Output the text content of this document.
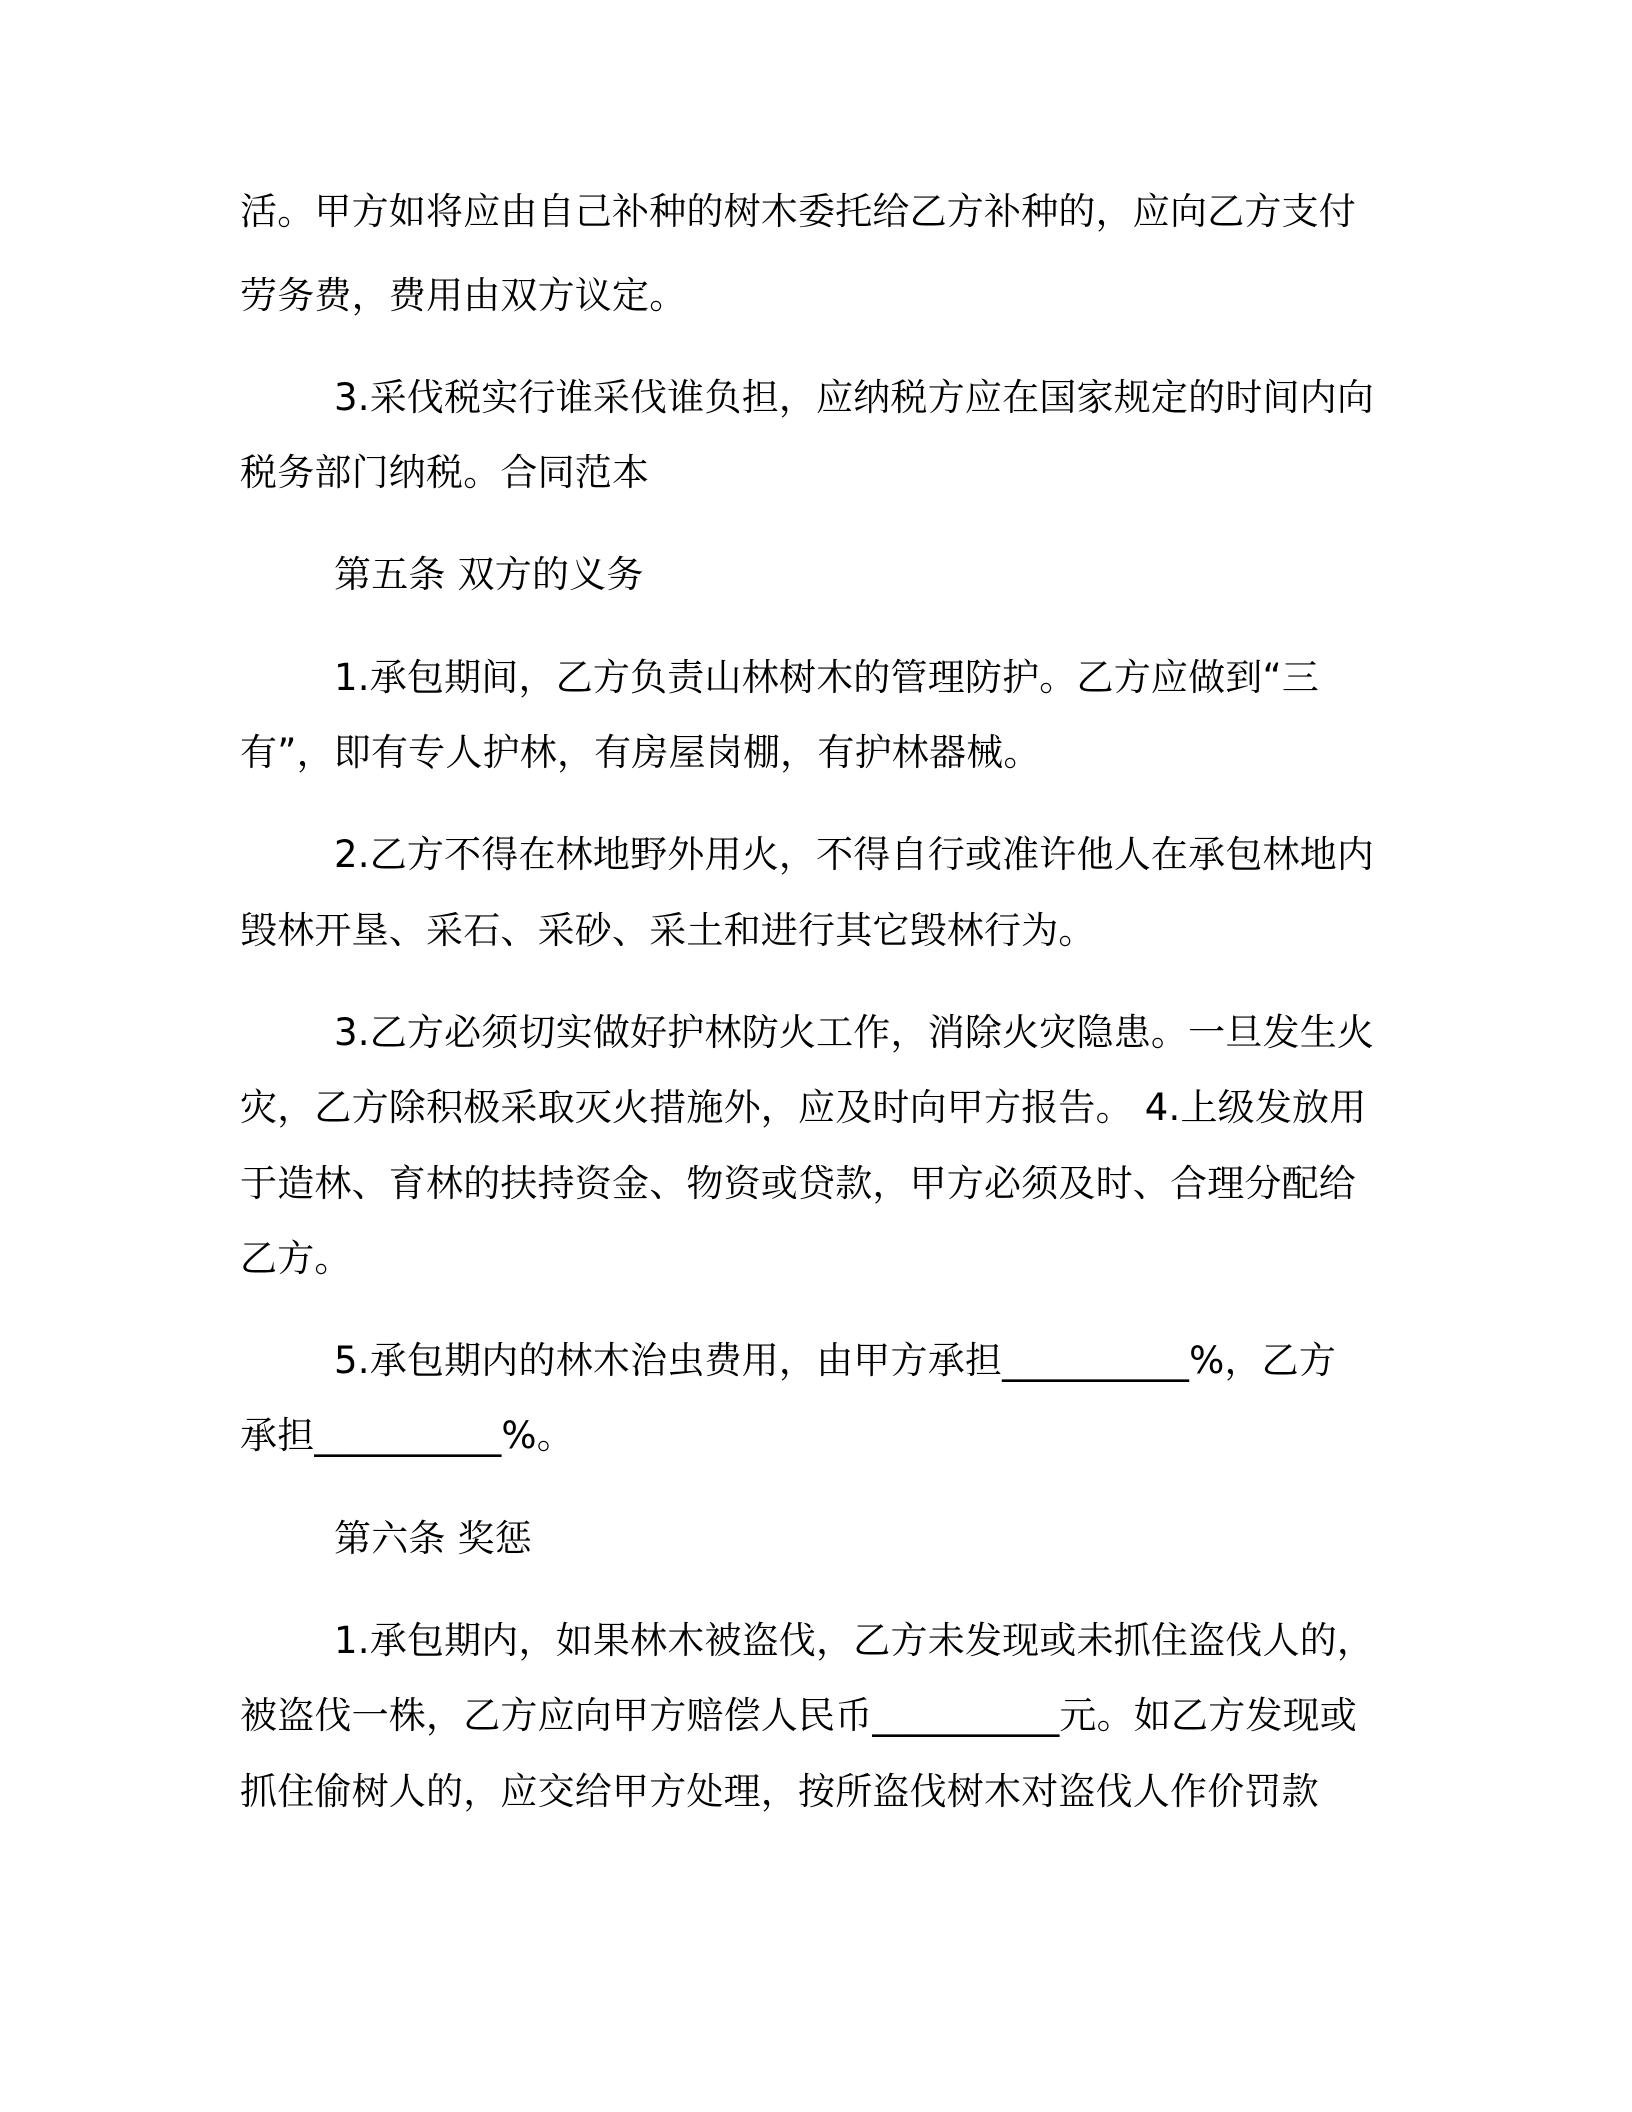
活。甲方如将应由自己补种的树木委托给乙方补种的，应向乙方支付
劳务费，费用由双方议定。
3.采伐税实行谁采伐谁负担，应纳税方应在国家规定的时间内向
税务部门纳税。合同范本
第五条 双方的义务
1.承包期间，乙方负责山林树木的管理防护。乙方应做到“三
有”，即有专人护林，有房屋岗棚，有护林器械。
2.乙方不得在林地野外用火，不得自行或准许他人在承包林地内
毁林开垦、采石、采砂、采土和进行其它毁林行为。
3.乙方必须切实做好护林防火工作，消除火灾隐患。一旦发生火
灾，乙方除积极采取灭火措施外，应及时向甲方报告。 4.上级发放用
于造林、育林的扶持资金、物资或贷款，甲方必须及时、合理分配给
乙方。
5.承包期内的林木治虫费用，由甲方承担__________%，乙方
承担__________%。
第六条 奖惩
1.承包期内，如果林木被盗伐，乙方未发现或未抓住盗伐人的，
被盗伐一株，乙方应向甲方赔偿人民币__________元。如乙方发现或
抓住偷树人的，应交给甲方处理，按所盗伐树木对盗伐人作价罚款
